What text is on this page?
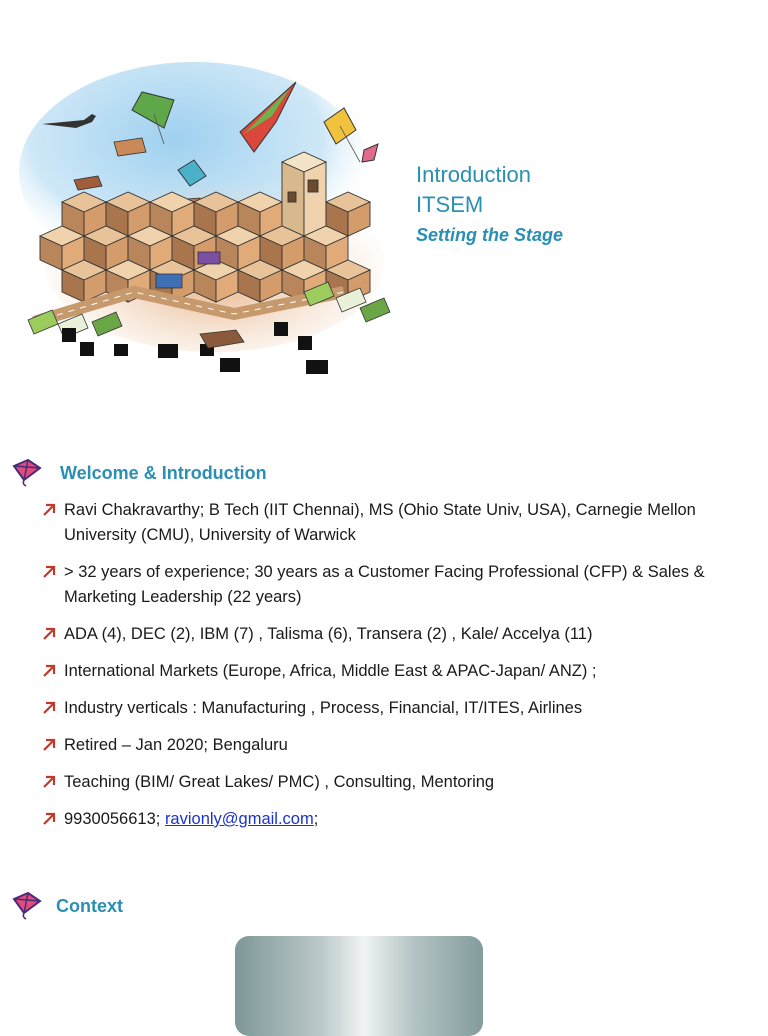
Introduction
ITSEM
Setting the Stage
Welcome & Introduction
Ravi Chakravarthy; B Tech (IIT Chennai), MS (Ohio State Univ, USA), Carnegie Mellon University (CMU), University of Warwick
> 32 years of experience; 30 years as a Customer Facing Professional (CFP) & Sales & Marketing Leadership (22 years)
ADA (4), DEC (2), IBM (7) , Talisma (6), Transera (2) , Kale/ Accelya (11)
International Markets (Europe, Africa, Middle East & APAC-Japan/ ANZ) ;
Industry verticals : Manufacturing , Process, Financial, IT/ITES, Airlines
Retired – Jan 2020; Bengaluru
Teaching (BIM/ Great Lakes/ PMC) , Consulting, Mentoring
9930056613; ravionly@gmail.com;
Context
